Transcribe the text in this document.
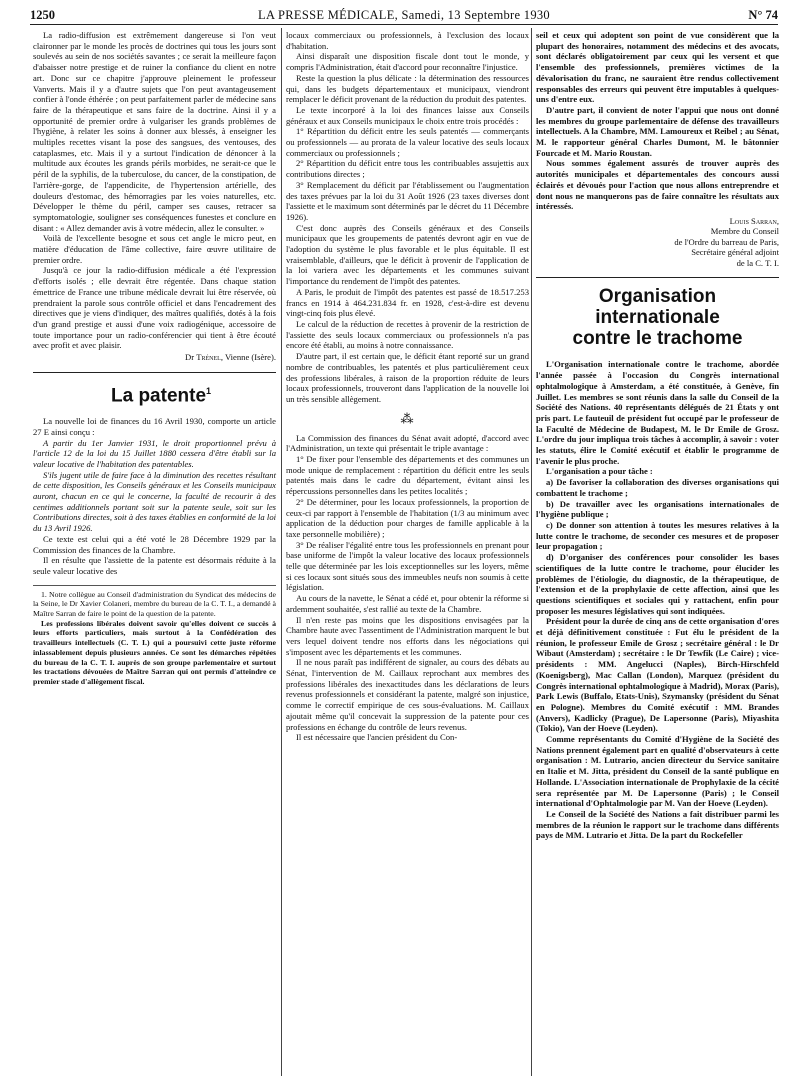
1250	LA PRESSE MÉDICALE, Samedi, 13 Septembre 1930	N° 74

La radio-diffusion est extrêmement dangereuse si l'on veut claironner par le monde les procès de doctrines qui tous les jours sont soulevés au sein de nos sociétés savantes ; ce serait la meilleure façon d'abaisser notre prestige et de ruiner la confiance du client en notre art. Donc sur ce chapitre j'approuve pleinement le professeur Vanverts. Mais il y a d'autre sujets que l'on peut avantageusement confier à l'onde éthérée ; on peut parfaitement parler de médecine sans faire de la thérapeutique et sans faire de la doctrine. Ainsi il y a opportunité de premier ordre à vulgariser les grands problèmes de l'hygiène, à relater les soins à donner aux blessés, à enseigner les multiples recettes visant la pose des sangsues, des ventouses, des cataplasmes, etc. Mais il y a surtout l'indication de dénoncer à la multitude aux écoutes les grands périls morbides, ne serait-ce que le péril de la syphilis, de la tuberculose, du cancer, de la constipation, de l'arrière-gorge, de l'appendicite, de l'hypertension artérielle, des douleurs d'estomac, des hémorragies par les voies naturelles, etc. Développer le thème du péril, camper ses causes, retracer sa symptomatologie, souligner ses conséquences funestes et conclure en disant : « Allez demander avis à votre médecin, allez le consulter. »

Voilà de l'excellente besogne et sous cet angle le micro peut, en matière d'éducation de l'âme collective, faire œuvre utilitaire de premier ordre.

Jusqu'à ce jour la radio-diffusion médicale a été l'expression d'efforts isolés ; elle devrait être régentée. Dans chaque station émettrice de France une tribune médicale devrait lui être réservée, où prendraient la parole sous contrôle officiel et dans l'encadrement des directives que je viens d'indiquer, des maîtres qualifiés, dotés à la fois d'un grand prestige et aussi d'une voix radiogénique, accessoire de toute importance pour un radio-conférencier qui tient à être écouté avec profit et avec plaisir.

Dr Trénel, Vienne (Isère).
La patente$^1$

La nouvelle loi de finances du 16 Avril 1930, comporte un article 27 E ainsi conçu :

A partir du 1er Janvier 1931, le droit proportionnel prévu à l'article 12 de la loi du 15 Juillet 1880 cessera d'être établi sur la valeur locative de l'habitation des patentables.

S'ils jugent utile de faire face à la diminution des recettes résultant de cette disposition, les Conseils généraux et les Conseils municipaux auront, chacun en ce qui le concerne, la faculté de recourir à des centimes additionnels portant soit sur la patente seule, soit sur les Contributions directes, soit à des taxes établies en conformité de la loi du 13 Avril 1926.

Ce texte est celui qui a été voté le 28 Décembre 1929 par la Commission des finances de la Chambre.

Il en résulte que l'assiette de la patente est désormais réduite à la seule valeur locative des

1. Notre collègue au Conseil d'administration du Syndicat des médecins de la Seine, le Dr Xavier Colaneri, membre du bureau de la C. T. I., a demandé à Maître Sarran de faire le point de la question de la patente.

Les professions libérales doivent savoir qu'elles doivent ce succès à leurs efforts particuliers, mais surtout à la Confédération des travailleurs intellectuels (C. T. I.) qui a poursuivi cette juste réforme inlassablement depuis plusieurs années. Ce sont les démarches répétées du bureau de la C. T. I. auprès de son groupe parlementaire et surtout les tractations dévouées de Maître Sarran qui ont permis d'atteindre ce premier stade d'allègement fiscal.

locaux commerciaux ou professionnels, à l'exclusion des locaux d'habitation.

Ainsi disparaît une disposition fiscale dont tout le monde, y compris l'Administration, était d'accord pour reconnaître l'injustice.

Reste la question la plus délicate : la détermination des ressources qui, dans les budgets départementaux et municipaux, viendront remplacer le déficit provenant de la réduction du produit des patentes.

Le texte incorporé à la loi des finances laisse aux Conseils généraux et aux Conseils municipaux le choix entre trois procédés :

1° Répartition du déficit entre les seuls patentés — commerçants ou professionnels — au prorata de la valeur locative des seuls locaux commerciaux ou professionnels ;

2° Répartition du déficit entre tous les contribuables assujettis aux contributions directes ;

3° Remplacement du déficit par l'établissement ou l'augmentation des taxes prévues par la loi du 31 Août 1926 (23 taxes diverses dont l'assiette et le maximum sont déterminés par le décret du 11 Décembre 1926).

C'est donc auprès des Conseils généraux et des Conseils municipaux que les groupements de patentés devront agir en vue de l'adoption du système le plus favorable et le plus équitable. Il est vraisemblable, d'ailleurs, que le déficit à provenir de l'application de la loi variera avec les départements et les communes suivant l'importance du rendement de l'impôt des patentes.

A Paris, le produit de l'impôt des patentes est passé de 18.517.253 francs en 1914 à 464.231.834 fr. en 1928, c'est-à-dire est devenu vingt-cinq fois plus élevé.

Le calcul de la réduction de recettes à provenir de la restriction de l'assiette des seuls locaux commerciaux ou professionnels n'a pas encore été établi, au moins à notre connaissance.

D'autre part, il est certain que, le déficit étant reporté sur un grand nombre de contribuables, les patentés et plus particulièrement ceux des professions libérales, à raison de la proportion réduite de leurs locaux professionnels, trouveront dans l'application de la nouvelle loi un très sensible allègement.

⁂

La Commission des finances du Sénat avait adopté, d'accord avec l'Administration, un texte qui présentait le triple avantage :

1° De fixer pour l'ensemble des départements et des communes un mode unique de remplacement : répartition du déficit entre les seuls patentés mais dans le cadre du département, évitant ainsi les répercussions personnelles dans les petites localités ;

2° De déterminer, pour les locaux professionnels, la proportion de ceux-ci par rapport à l'ensemble de l'habitation (1/3 au minimum avec application de la déduction pour charges de famille applicable à la taxe personnelle mobilière) ;

3° De réaliser l'égalité entre tous les professionnels en prenant pour base uniforme de l'impôt la valeur locative des locaux professionnels telle que déterminée par les lois exceptionnelles sur les loyers, même si ces locaux sont situés sous des immeubles neufs non soumis à cette législation.

Au cours de la navette, le Sénat a cédé et, pour obtenir la réforme si ardemment souhaitée, s'est rallié au texte de la Chambre.

Il n'en reste pas moins que les dispositions envisagées par la Chambre haute avec l'assentiment de l'Administration marquent le but vers lequel doivent tendre nos efforts dans les négociations qui s'imposent avec les départements et les communes.

Il ne nous paraît pas indifférent de signaler, au cours des débats au Sénat, l'intervention de M. Caillaux reprochant aux membres des professions libérales des inexactitudes dans les déclarations de leurs revenus professionnels et considérant la patente, malgré son injustice, comme le correctif empirique de ces sous-évaluations. M. Caillaux ajoutait même qu'il concevait la suppression de la patente pour ces professions en échange du contrôle de leurs revenus.

Il est nécessaire que l'ancien président du Con-

seil et ceux qui adoptent son point de vue considèrent que la plupart des honoraires, notamment des médecins et des avocats, sont déclarés obligatoirement par ceux qui les versent et que l'ensemble des professionnels, premières victimes de la dévalorisation du franc, ne sauraient être rendus collectivement responsables des erreurs qui peuvent être imputables à quelques-uns d'entre eux.

D'autre part, il convient de noter l'appui que nous ont donné les membres du groupe parlementaire de défense des travailleurs intellectuels. A la Chambre, MM. Lamoureux et Reibel ; au Sénat, M. le rapporteur général Charles Dumont, M. le bâtonnier Fourcade et M. Mario Roustan.

Nous sommes également assurés de trouver auprès des autorités municipales et départementales des concours aussi éclairés et dévoués pour l'action que nous allons entreprendre et dont nous ne manquerons pas de faire connaître les résultats aux intéressés.

Louis Sarran,
Membre du Conseil
de l'Ordre du barreau de Paris,
Secrétaire général adjoint
de la C. T. I.
Organisation internationale
contre le trachome

L'Organisation internationale contre le trachome, abordée l'année passée à l'occasion du Congrès international ophtalmologique à Amsterdam, a été constituée, à Genève, fin Juillet. Les membres se sont réunis dans la salle du Conseil de la Société des Nations. 40 représentants délégués de 21 États y ont pris part. Le fauteuil de président fut occupé par le professeur de la Faculté de Médecine de Budapest, M. le Dr Emile de Grosz. L'ordre du jour impliqua trois tâches à accomplir, à savoir : voter les statuts, élire le Comité exécutif et établir le programme de l'avenir le plus proche.

L'organisation a pour tâche :

a) De favoriser la collaboration des diverses organisations qui combattent le trachome ;

b) De travailler avec les organisations internationales de l'hygiène publique ;

c) De donner son attention à toutes les mesures relatives à la lutte contre le trachome, de seconder ces mesures et de proposer leur propagation ;

d) D'organiser des conférences pour consolider les bases scientifiques de la lutte contre le trachome, pour élucider les problèmes de l'étiologie, du diagnostic, de la thérapeutique, de l'extension et de la prophylaxie de cette affection, ainsi que les questions scientifiques et sociales qui y rattachent, enfin pour proposer les mesures législatives qui sont indiquées.

Président pour la durée de cinq ans de cette organisation d'ores et déjà définitivement constituée : Fut élu le président de la réunion, le professeur Emile de Grosz ; secrétaire général : le Dr Wibaut (Amsterdam) ; secrétaire : le Dr Tewfik (Le Caire) ; vice-présidents : MM. Angelucci (Naples), Birch-Hirschfeld (Koenigsberg), Mac Callan (London), Marquez (président du Congrès international ophtalmologique à Madrid), Morax (Paris), Park Lewis (Buffalo, Etats-Unis), Szymansky (président du Sénat en Pologne). Membres du Comité exécutif : MM. Brandes (Anvers), Kadlicky (Prague), De Lapersonne (Paris), Miyashita (Tokio), Van der Hoeve (Leyden).

Comme représentants du Comité d'Hygiène de la Société des Nations prennent également part en qualité d'observateurs à cette organisation : M. Lutrario, ancien directeur du Service sanitaire en Italie et M. Jitta, président du Conseil de la santé publique en Hollande. L'Association internationale de Prophylaxie de la cécité sera représentée par M. De Lapersonne (Paris) ; le Conseil international d'Ophtalmologie par M. Van der Hoeve (Leyden).

Le Conseil de la Société des Nations a fait distribuer parmi les membres de la réunion le rapport sur le trachome dans différents pays de MM. Lutrario et Jitta. De la part du Rockefeller
